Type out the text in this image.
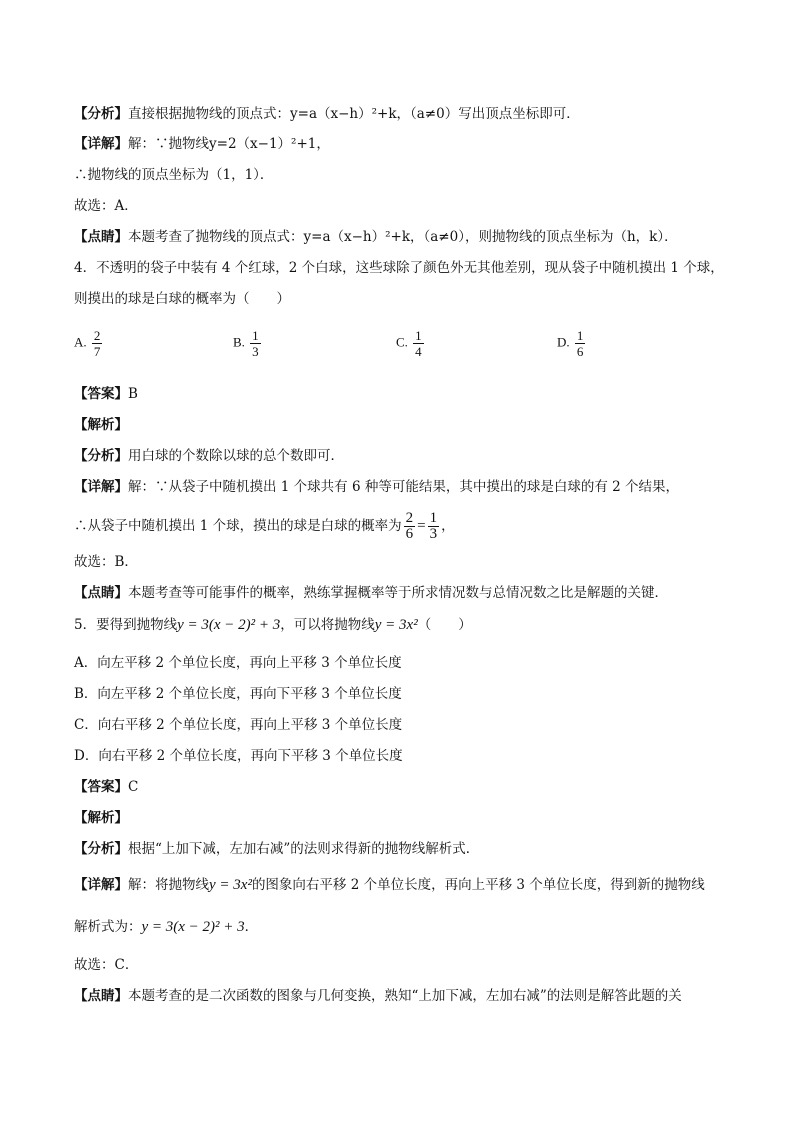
【分析】直接根据抛物线的顶点式：y=a（x−h）²+k，（a≠0）写出顶点坐标即可．
【详解】解：∵抛物线y=2（x−1）²+1，
∴抛物线的顶点坐标为（1，1）．
故选：A．
【点睛】本题考查了抛物线的顶点式：y=a（x−h）²+k，（a≠0），则抛物线的顶点坐标为（h，k）．
4．不透明的袋子中装有 4 个红球，2 个白球，这些球除了颜色外无其他差别，现从袋子中随机摸出 1 个球，
则摸出的球是白球的概率为（　　）
A. $\frac{2}{7}$	B. $\frac{1}{3}$	C. $\frac{1}{4}$	D. $\frac{1}{6}$
【答案】B
【解析】
【分析】用白球的个数除以球的总个数即可．
【详解】解：∵从袋子中随机摸出 1 个球共有 6 种等可能结果，其中摸出的球是白球的有 2 个结果，
∴从袋子中随机摸出 1 个球，摸出的球是白球的概率为 $\frac{2}{6} = \frac{1}{3}$ ，
故选：B．
【点睛】本题考查等可能事件的概率，熟练掌握概率等于所求情况数与总情况数之比是解题的关键．
5．要得到抛物线y = 3(x − 2)² + 3，可以将抛物线y = 3x²（　　）
A．向左平移 2 个单位长度，再向上平移 3 个单位长度
B．向左平移 2 个单位长度，再向下平移 3 个单位长度
C．向右平移 2 个单位长度，再向上平移 3 个单位长度
D．向右平移 2 个单位长度，再向下平移 3 个单位长度
【答案】C
【解析】
【分析】根据“上加下减，左加右减”的法则求得新的抛物线解析式．
【详解】解：将抛物线y = 3x²的图象向右平移 2 个单位长度，再向上平移 3 个单位长度，得到新的抛物线
解析式为：y = 3(x − 2)² + 3．
故选：C．
【点睛】本题考查的是二次函数的图象与几何变换，熟知“上加下减，左加右减”的法则是解答此题的关
